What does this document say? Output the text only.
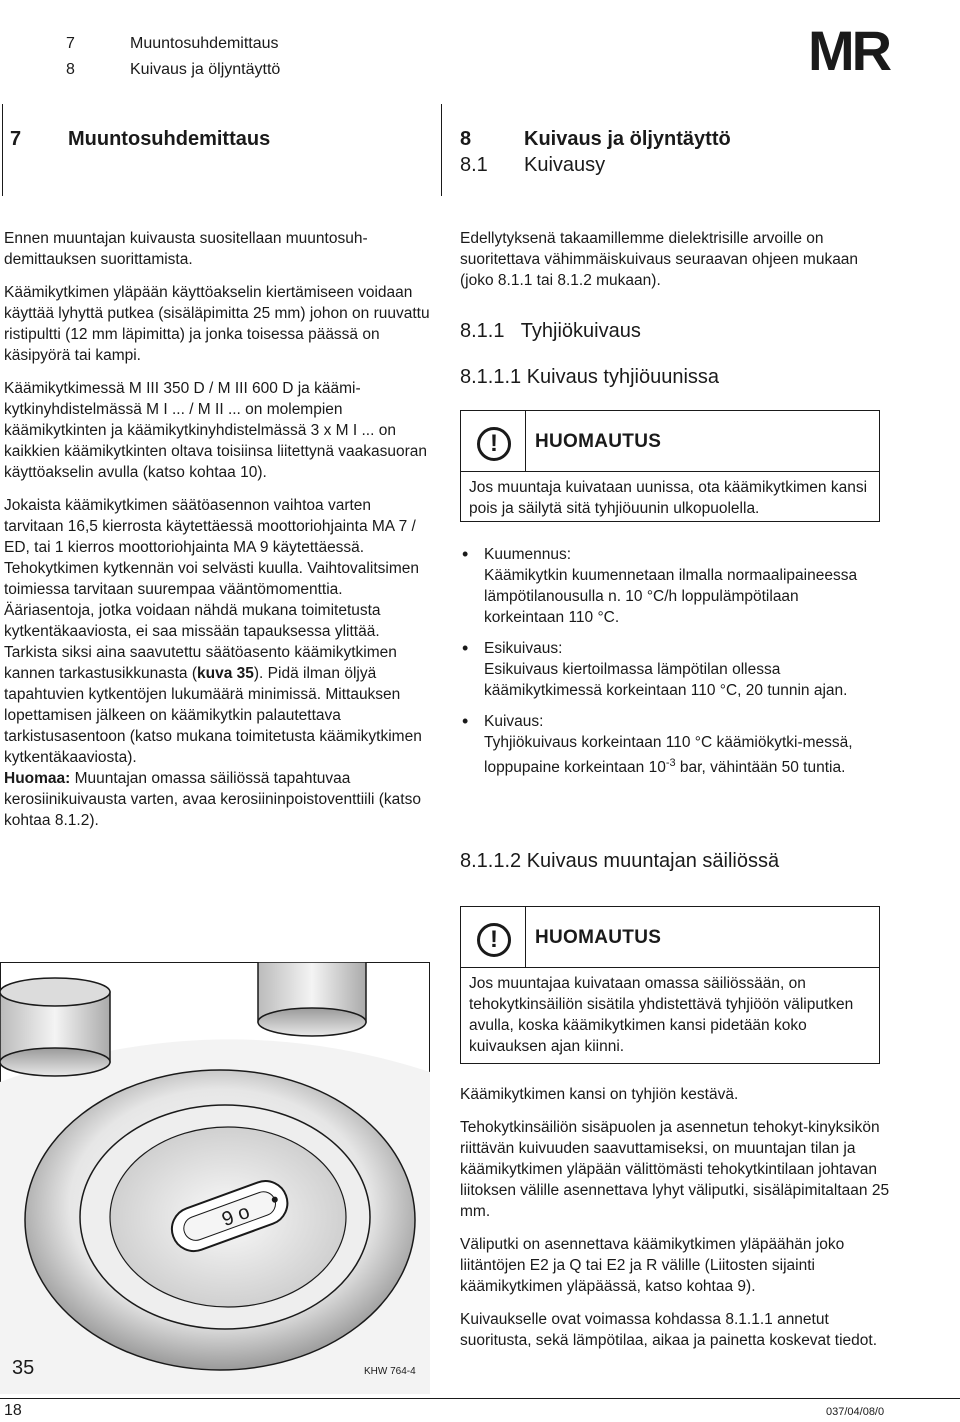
7	Muuntosuhdemittaus
8	Kuivaus ja öljyntäyttö	MR
7 Muuntosuhdemittaus	8	Kuivaus ja öljyntäyttö
8.1 Kuivausy

Ennen muuntajan kuivausta suositellaan muuntosuh-demittauksen suorittamista.

Käämikytkimen yläpään käyttöakselin kiertämiseen voidaan käyttää lyhyttä putkea (sisäläpimitta 25 mm) johon on ruuvattu ristipultti (12 mm läpimitta) ja jonka toisessa päässä on käsipyörä tai kampi.

Käämikytkimessä M III 350 D / M III 600 D ja käämi-kytkinyhdistelmässä M I ... / M II ... on molempien käämikytkinten ja käämikytkinyhdistelmässä 3 x M I ... on kaikkien käämikytkinten oltava toisiinsa liitettynä vaakasuoran käyttöakselin avulla (katso kohtaa 10).

Jokaista käämikytkimen säätöasennon vaihtoa varten tarvitaan 16,5 kierrosta käytettäessä moottoriohjainta MA 7 / ED, tai 1 kierros moottoriohjainta MA 9 käytettäessä. Tehokytkimen kytkennän voi selvästi kuulla. Vaihtovalitsimen toimiessa tarvitaan suurempaa vääntömomenttia. Ääriasentoja, jotka voidaan nähdä mukana toimitetusta kytkentäkaaviosta, ei saa missään tapauksessa ylittää. Tarkista siksi aina saavutettu säätöasento käämikytkimen kannen tarkastusikkunasta (kuva 35). Pidä ilman öljyä tapahtuvien kytkentöjen lukumäärä minimissä. Mittauksen lopettamisen jälkeen on käämikytkin palautettava tarkistusasentoon (katso mukana toimitetusta käämikytkimen kytkentäkaaviosta).
Huomaa: Muuntajan omassa säiliössä tapahtuvaa kerosiinikuivausta varten, avaa kerosiininpoistoventtiili (katso kohtaa 8.1.2).

9 o
35	KHW 764-4
Edellytyksenä takaamillemme dielektrisille arvoille on suoritettava vähimmäiskuivaus seuraavan ohjeen mukaan (joko 8.1.1 tai 8.1.2 mukaan).
8.1.1   Tyhjiökuivaus
8.1.1.1 Kuivaus tyhjiöuunissa
!	HUOMAUTUS
Jos muuntaja kuivataan uunissa, ota käämikytkimen kansi pois ja säilytä sitä tyhjiöuunin ulkopuolella.
• Kuumennus:
Käämikytkin kuumennetaan ilmalla normaalipaineessa lämpötilanousulla n. 10 °C/h loppulämpötilaan korkeintaan 110 °C.
• Esikuivaus:
Esikuivaus kiertoilmassa lämpötilan ollessa käämikytkimessä korkeintaan 110 °C, 20 tunnin ajan.
• Kuivaus:
Tyhjiökuivaus korkeintaan 110 °C käämiökytki-messä, loppupaine korkeintaan $10^{-3}$ bar, vähintään 50 tuntia.
8.1.1.2 Kuivaus muuntajan säiliössä
!	HUOMAUTUS
Jos muuntajaa kuivataan omassa säiliössään, on tehokytkinsäiliön sisätila yhdistettävä tyhjiöön väliputken avulla, koska käämikytkimen kansi pidetään koko kuivauksen ajan kiinni.

Käämikytkimen kansi on tyhjiön kestävä.

Tehokytkinsäiliön sisäpuolen ja asennetun tehokyt-kinyksikön riittävän kuivuuden saavuttamiseksi, on muuntajan tilan ja käämikytkimen yläpään välittömästi tehokytkintilaan johtavan liitoksen välille asennettava lyhyt väliputki, sisäläpimitaltaan 25 mm.

Väliputki on asennettava käämikytkimen yläpäähän joko liitäntöjen E2 ja Q tai E2 ja R välille (Liitosten sijainti käämikytkimen yläpäässä, katso kohtaa 9).

Kuivaukselle ovat voimassa kohdassa 8.1.1.1 annetut suoritusta, sekä lämpötilaa, aikaa ja painetta koskevat tiedot.

18	037/04/08/0
